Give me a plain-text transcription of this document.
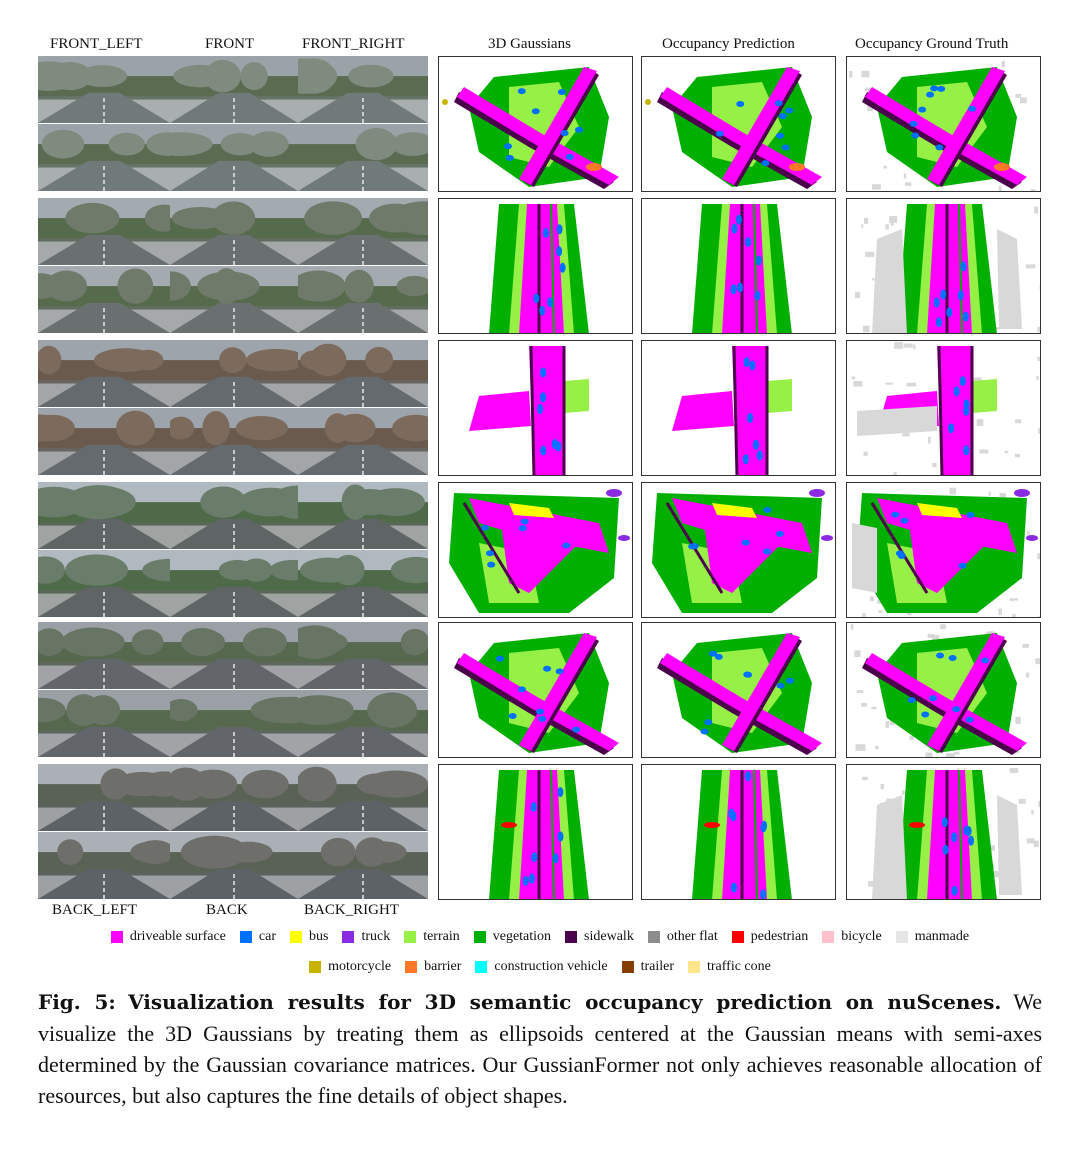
FRONT_LEFT	FRONT	FRONT_RIGHT	3D Gaussians	Occupancy Prediction	Occupancy Ground Truth
BACK_LEFT	BACK	BACK_RIGHT
driveable surface car bus truck terrain vegetation sidewalk other flat pedestrian bicycle manmade
motorcycle barrier construction vehicle trailer traffic cone
Fig. 5: Visualization results for 3D semantic occupancy prediction on nuScenes. We visualize the 3D Gaussians by treating them as ellipsoids centered at the Gaussian means with semi-axes determined by the Gaussian covariance matrices. Our GussianFormer not only achieves reasonable allocation of resources, but also captures the fine details of object shapes.
